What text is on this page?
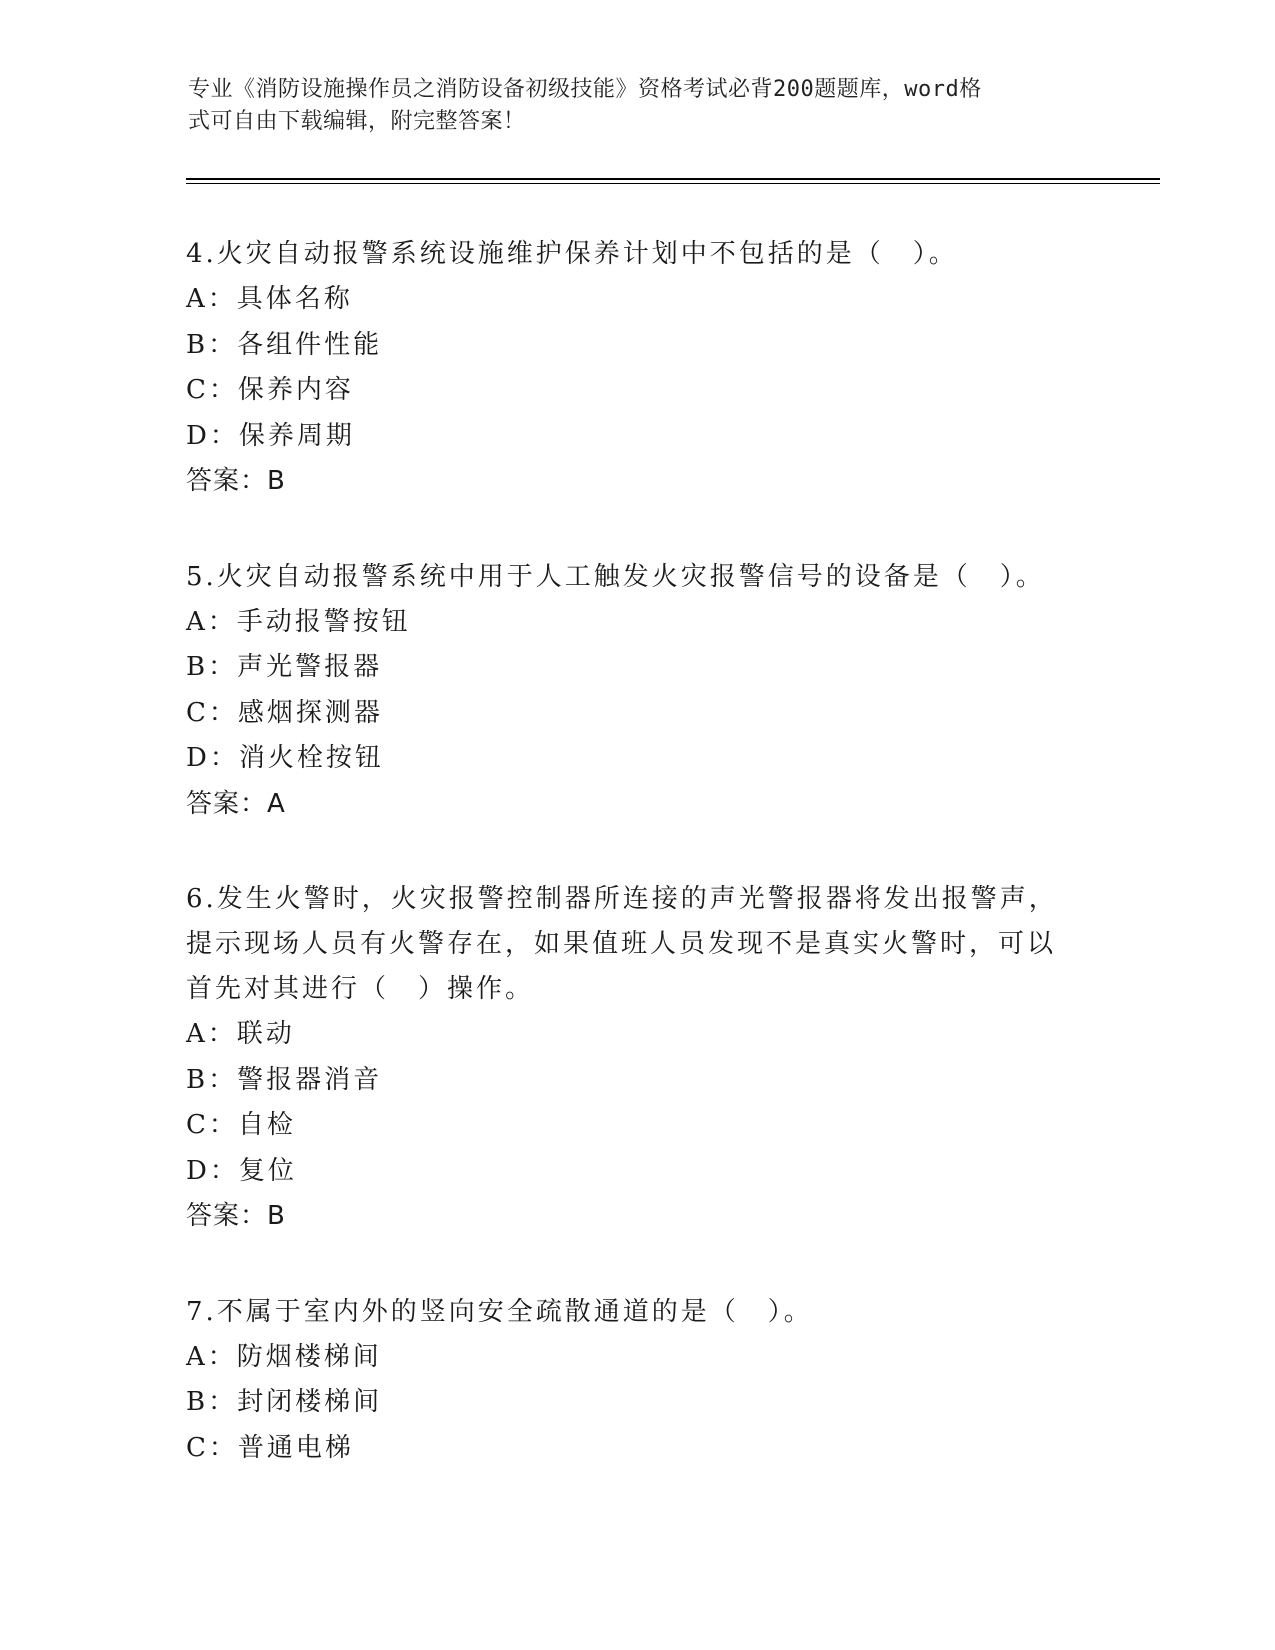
专业《消防设施操作员之消防设备初级技能》资格考试必背200题题库，word格
式可自由下载编辑，附完整答案！
4.火灾自动报警系统设施维护保养计划中不包括的是（　）。
A：具体名称
B：各组件性能
C：保养内容
D：保养周期
答案：B
5.火灾自动报警系统中用于人工触发火灾报警信号的设备是（　）。
A：手动报警按钮
B：声光警报器
C：感烟探测器
D：消火栓按钮
答案：A
6.发生火警时，火灾报警控制器所连接的声光警报器将发出报警声，
提示现场人员有火警存在，如果值班人员发现不是真实火警时，可以
首先对其进行（　）操作。
A：联动
B：警报器消音
C：自检
D：复位
答案：B
7.不属于室内外的竖向安全疏散通道的是（　）。
A：防烟楼梯间
B：封闭楼梯间
C：普通电梯
